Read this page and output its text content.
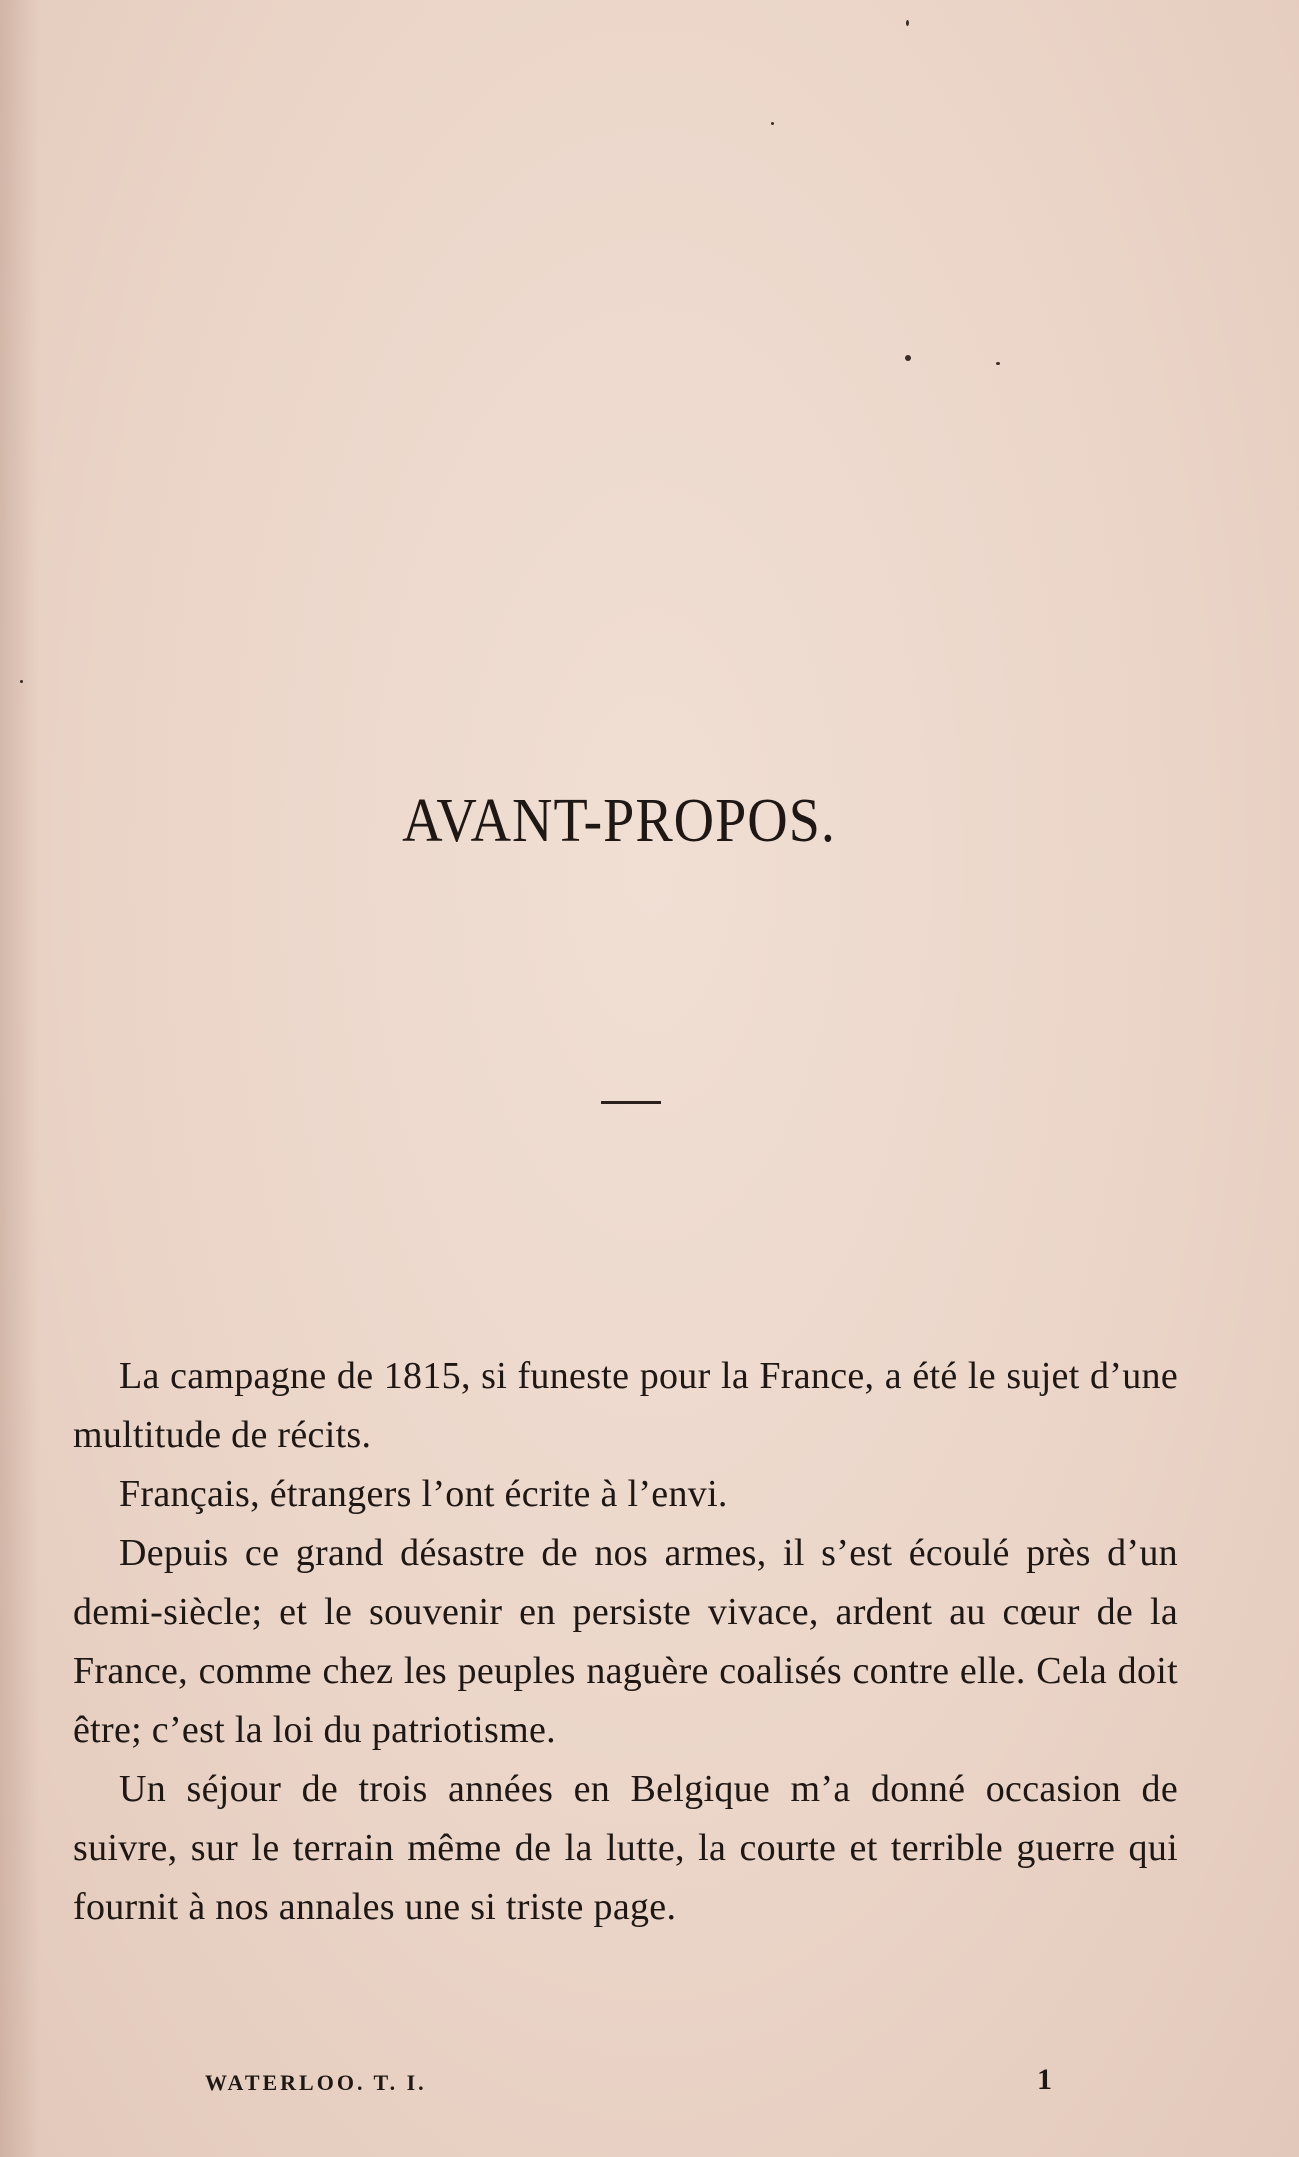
AVANT-PROPOS.

La campagne de 1815, si funeste pour la France, a été le sujet d’une multitude de récits.

Français, étrangers l’ont écrite à l’envi.

Depuis ce grand désastre de nos armes, il s’est écoulé près d’un demi-siècle; et le souvenir en persiste vivace, ardent au cœur de la France, comme chez les peuples naguère coalisés contre elle. Cela doit être; c’est la loi du patriotisme.

Un séjour de trois années en Belgique m’a donné occasion de suivre, sur le terrain même de la lutte, la courte et terrible guerre qui fournit à nos annales une si triste page.

WATERLOO. T. I.	1
